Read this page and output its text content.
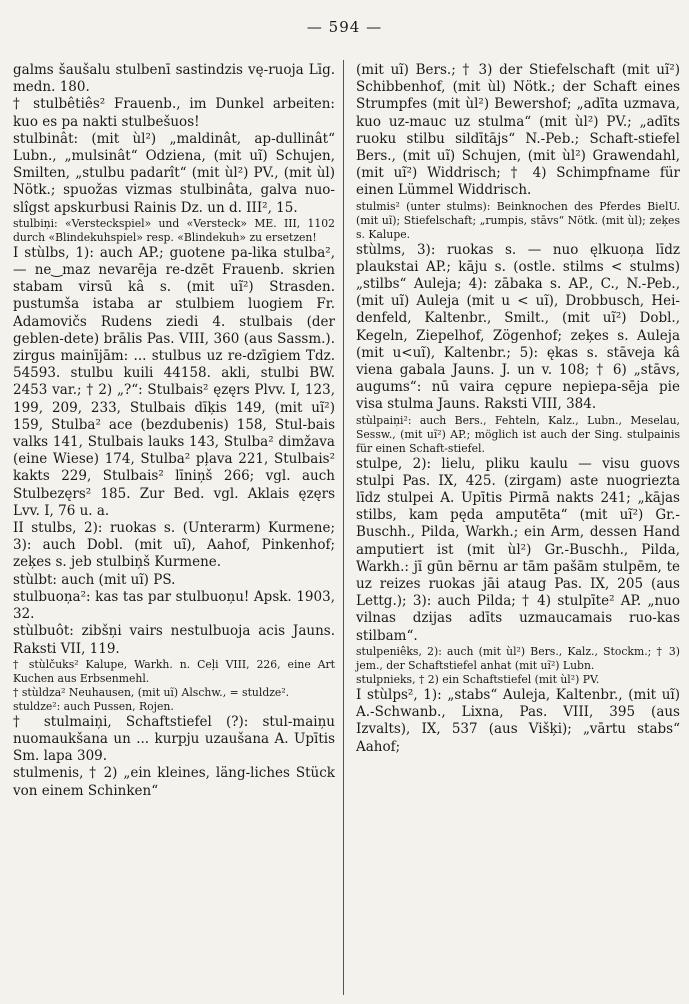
— 594 —

galms šaušalu stulbenī sastindzis vę-ruoja Līg. medn. 180.

† stulbêtiês² Frauenb., im Dunkel arbeiten: kuo es pa nakti stulbešuos!

stulbinât: (mit ùl²) „maldinât, ap-dullinât“ Lubn., „mulsinât“ Odziena, (mit uĩ) Schujen, Smilten, „stulbu padarît“ (mit ùl²) PV., (mit ùl) Nötk.; spuožas vizmas stulbinâta, galva nuo-slîgst apskurbusi Rainis Dz. un d. III², 15.

stulbiņi: «Versteckspiel» und «Versteck» ME. III, 1102 durch «Blindekuhspiel» resp. «Blindekuh» zu ersetzen!

I stùlbs, 1): auch AP.; guotene pa-lika stulba², — ne‿maz nevarēja re-dzēt Frauenb. skrien stabam virsū kâ s. (mit uĩ²) Strasden. pustumša istaba ar stulbiem luogiem Fr. Adamovičs Rudens ziedi 4. stulbais (der geblen-dete) brālis Pas. VIII, 360 (aus Sassm.). zirgus mainījām: ... stulbus uz re-dzīgiem Tdz. 54593. stulbu kuili 44158. akli, stulbi BW. 2453 var.; † 2) „?“: Stulbais² ęzęrs Plvv. I, 123, 199, 209, 233, Stulbais dīķis 149, (mit uĩ²) 159, Stulba² ace (bezdubenis) 158, Stul-bais valks 141, Stulbais lauks 143, Stulba² dimžava (eine Wiese) 174, Stulba² pļava 221, Stulbais² kakts 229, Stulbais² līniņš 266; vgl. auch Stulbezęrs² 185. Zur Bed. vgl. Aklais ęzęrs Lvv. I, 76 u. a.

II stulbs, 2): ruokas s. (Unterarm) Kurmene; 3): auch Dobl. (mit uĩ), Aahof, Pinkenhof; zeķes s. jeb stulbiņš Kurmene.

stùlbt: auch (mit uĩ) PS.

stulbuoņa²: kas tas par stulbuoņu! Apsk. 1903, 32.

stùlbuôt: zibšņi vairs nestulbuoja acis Jauns. Raksti VII, 119.

† stùlčuks² Kalupe, Warkh. n. Ceļi VIII, 226, eine Art Kuchen aus Erbsenmehl.

† stùldza² Neuhausen, (mit uĩ) Alschw., = stuldze².

stuldze²: auch Pussen, Rojen.

† stulmaiņi, Schaftstiefel (?): stul-maiņu nuomaukšana un ... kurpju uzaušana A. Upītis Sm. lapa 309.

stulmenis, † 2) „ein kleines, läng-liches Stück von einem Schinken“

(mit uĩ) Bers.; † 3) der Stiefelschaft (mit uĩ²) Schibbenhof, (mit ùl) Nötk.; der Schaft eines Strumpfes (mit ùl²) Bewershof; „adīta uzmava, kuo uz-mauc uz stulma“ (mit ùl²) PV.; „adīts ruoku stilbu sildītājs“ N.-Peb.; Schaft-stiefel Bers., (mit uĩ) Schujen, (mit ùl²) Grawendahl, (mit uĩ²) Widdrisch; † 4) Schimpfname für einen Lümmel Widdrisch.

stulmis² (unter stulms): Beinknochen des Pferdes BielU. (mit uĩ); Stiefelschaft; „rumpis, stāvs“ Nötk. (mit ùl); zeķes s. Kalupe.

stùlms, 3): ruokas s. — nuo ęlkuoņa līdz plaukstai AP.; kāju s. (ostle. stilms < stulms) „stilbs“ Auleja; 4): zābaka s. AP., C., N.-Peb., (mit uĩ) Auleja (mit u < uĩ), Drobbusch, Hei-denfeld, Kaltenbr., Smilt., (mit uĩ²) Dobl., Kegeln, Ziepelhof, Zögenhof; zeķes s. Auleja (mit u<uĩ), Kaltenbr.; 5): ękas s. stāveja kâ viena gabala Jauns. J. un v. 108; † 6) „stāvs, augums“: nū vaira cępure nepiepa-sēja pie visa stulma Jauns. Raksti VIII, 384.

stùlpaiņi²: auch Bers., Fehteln, Kalz., Lubn., Meselau, Sessw., (mit uĩ²) AP.; möglich ist auch der Sing. stulpainis für einen Schaft-stiefel.

stulpe, 2): lielu, pliku kaulu — visu guovs stulpi Pas. IX, 425. (zirgam) aste nuogriezta līdz stulpei A. Upītis Pirmā nakts 241; „kājas stilbs, kam pęda amputēta“ (mit uĩ²) Gr.-Buschh., Pilda, Warkh.; ein Arm, dessen Hand amputiert ist (mit ùl²) Gr.-Buschh., Pilda, Warkh.: jī gūn bērnu ar tām pašām stulpēm, te uz reizes ruokas jāi ataug Pas. IX, 205 (aus Lettg.); 3): auch Pilda; † 4) stulpīte² AP. „nuo vilnas dzijas adīts uzmaucamais ruo-kas stilbam“.

stulpeniêks, 2): auch (mit ùl²) Bers., Kalz., Stockm.; † 3) jem., der Schaftstiefel anhat (mit uĩ²) Lubn.

stulpnieks, † 2) ein Schaftstiefel (mit ùl²) PV.

I stùlps², 1): „stabs“ Auleja, Kaltenbr., (mit uĩ) A.-Schwanb., Lixna, Pas. VIII, 395 (aus Izvalts), IX, 537 (aus Višķi); „vārtu stabs“ Aahof;
